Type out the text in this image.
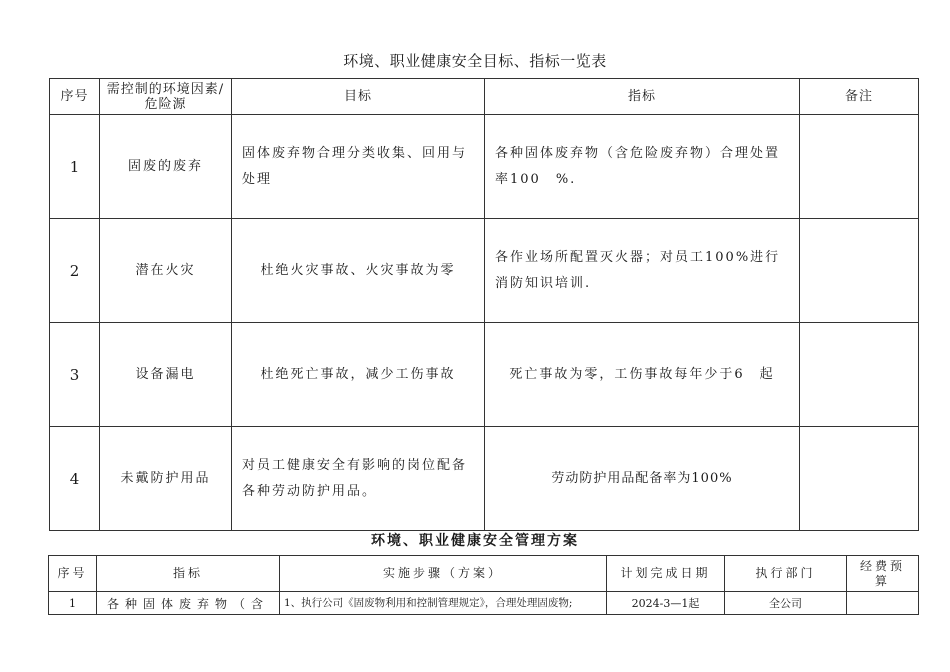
环境、职业健康安全目标、指标一览表
序号	需控制的环境因素/ 危险源	目标	指标	备注
1	固废的废弃	固体废弃物合理分类收集、回用与处理	各种固体废弃物（含危险废弃物）合理处置率100　%.	
2	潜在火灾	杜绝火灾事故、火灾事故为零	各作业场所配置灭火器；对员工100%进行消防知识培训.	
3	设备漏电	杜绝死亡事故，减少工伤事故	死亡事故为零，工伤事故每年少于6　起	
4	未戴防护用品	对员工健康安全有影响的岗位配备各种劳动防护用品。	劳动防护用品配备率为100%	
环境、职业健康安全管理方案
序号	指标	实施步骤（方案）	计划完成日期	执行部门	经费预算
1	各种固体废弃物（含	1、执行公司《固废物利用和控制管理规定》，合理处理固废物;	2024-3—1起	全公司	
